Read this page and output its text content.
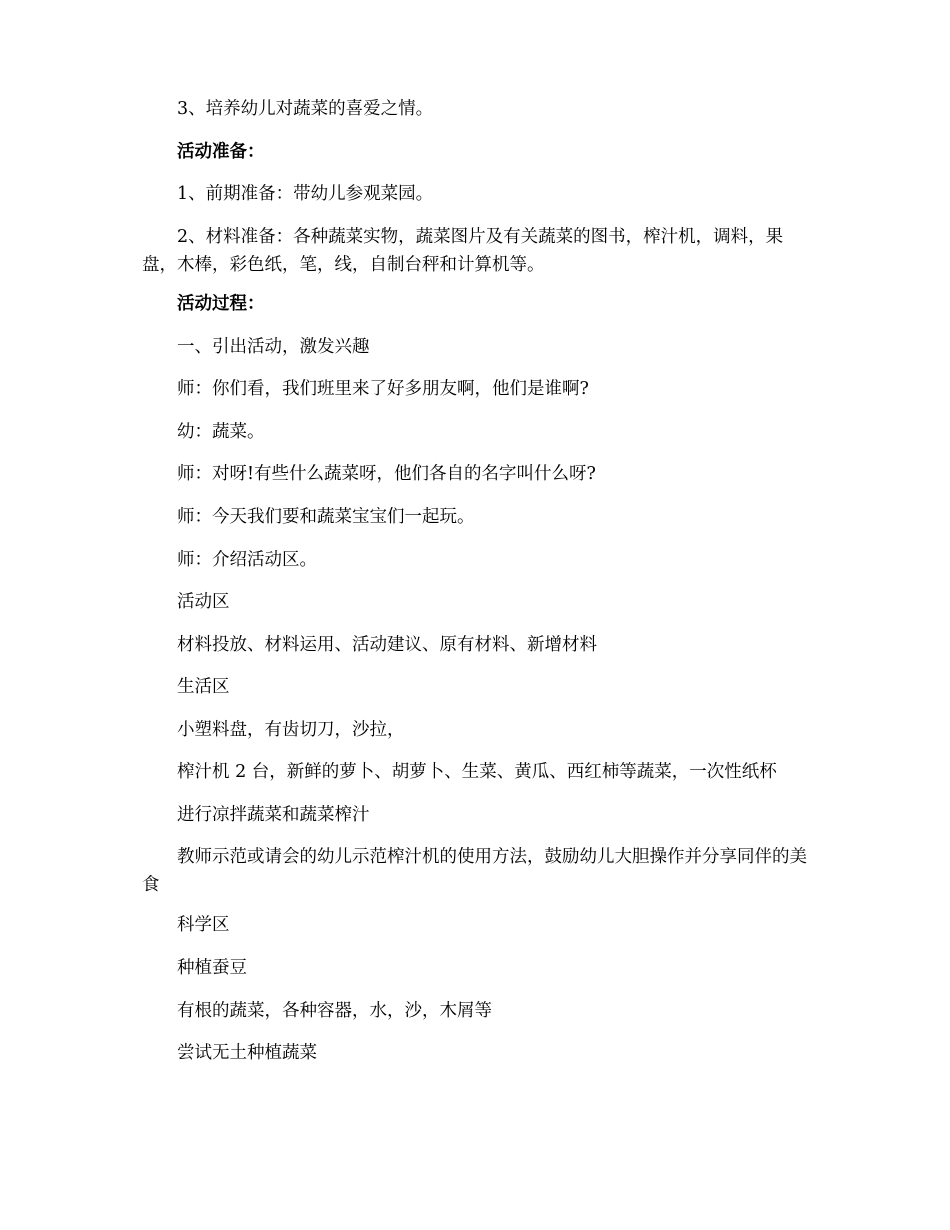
3、培养幼儿对蔬菜的喜爱之情。
活动准备：
1、前期准备：带幼儿参观菜园。
2、材料准备：各种蔬菜实物，蔬菜图片及有关蔬菜的图书，榨汁机，调料，果盘，木棒，彩色纸，笔，线，自制台秤和计算机等。
活动过程：
一、引出活动，激发兴趣
师：你们看，我们班里来了好多朋友啊，他们是谁啊?
幼：蔬菜。
师：对呀!有些什么蔬菜呀，他们各自的名字叫什么呀?
师：今天我们要和蔬菜宝宝们一起玩。
师：介绍活动区。
活动区
材料投放、材料运用、活动建议、原有材料、新增材料
生活区
小塑料盘，有齿切刀，沙拉，
榨汁机 2 台，新鲜的萝卜、胡萝卜、生菜、黄瓜、西红柿等蔬菜，一次性纸杯
进行凉拌蔬菜和蔬菜榨汁
教师示范或请会的幼儿示范榨汁机的使用方法，鼓励幼儿大胆操作并分享同伴的美食
科学区
种植蚕豆
有根的蔬菜，各种容器，水，沙，木屑等
尝试无土种植蔬菜
